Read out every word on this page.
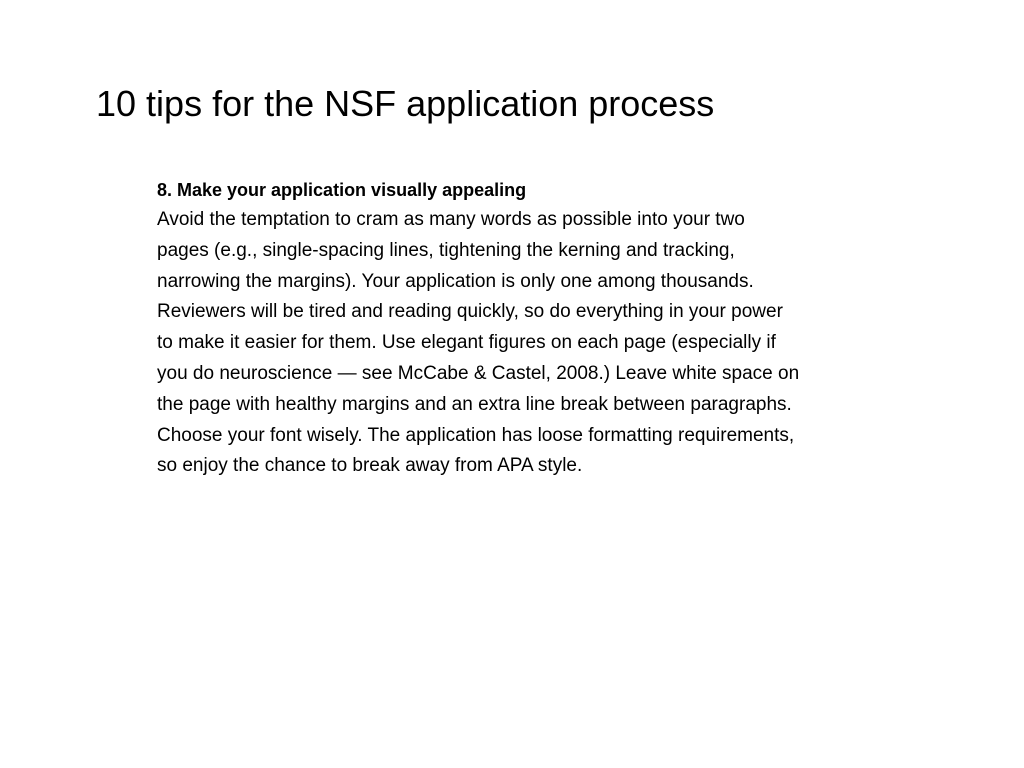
10 tips for the NSF application process

8. Make your application visually appealing

Avoid the temptation to cram as many words as possible into your two
pages (e.g., single-spacing lines, tightening the kerning and tracking,
narrowing the margins). Your application is only one among thousands.
Reviewers will be tired and reading quickly, so do everything in your power
to make it easier for them. Use elegant figures on each page (especially if
you do neuroscience — see McCabe & Castel, 2008.) Leave white space on
the page with healthy margins and an extra line break between paragraphs.
Choose your font wisely. The application has loose formatting requirements,
so enjoy the chance to break away from APA style.
